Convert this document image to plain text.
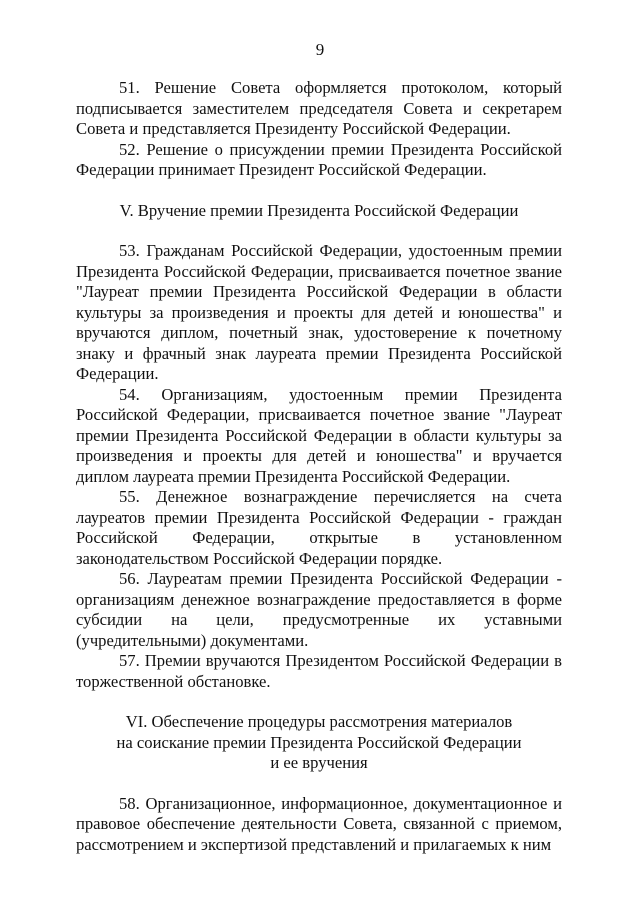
9

51. Решение Совета оформляется протоколом, который подписывается заместителем председателя Совета и секретарем Совета и представляется Президенту Российской Федерации.

52. Решение о присуждении премии Президента Российской Федерации принимает Президент Российской Федерации.

V. Вручение премии Президента Российской Федерации

53. Гражданам Российской Федерации, удостоенным премии Президента Российской Федерации, присваивается почетное звание "Лауреат премии Президента Российской Федерации в области культуры за произведения и проекты для детей и юношества" и вручаются диплом, почетный знак, удостоверение к почетному знаку и фрачный знак лауреата премии Президента Российской Федерации.

54. Организациям, удостоенным премии Президента Российской Федерации, присваивается почетное звание "Лауреат премии Президента Российской Федерации в области культуры за произведения и проекты для детей и юношества" и вручается диплом лауреата премии Президента Российской Федерации.

55. Денежное вознаграждение перечисляется на счета лауреатов премии Президента Российской Федерации - граждан Российской Федерации, открытые в установленном законодательством Российской Федерации порядке.

56. Лауреатам премии Президента Российской Федерации - организациям денежное вознаграждение предоставляется в форме субсидии на цели, предусмотренные их уставными (учредительными) документами.

57. Премии вручаются Президентом Российской Федерации в торжественной обстановке.

VI. Обеспечение процедуры рассмотрения материалов
на соискание премии Президента Российской Федерации
и ее вручения

58. Организационное, информационное, документационное и правовое обеспечение деятельности Совета, связанной с приемом, рассмотрением и экспертизой представлений и прилагаемых к ним
